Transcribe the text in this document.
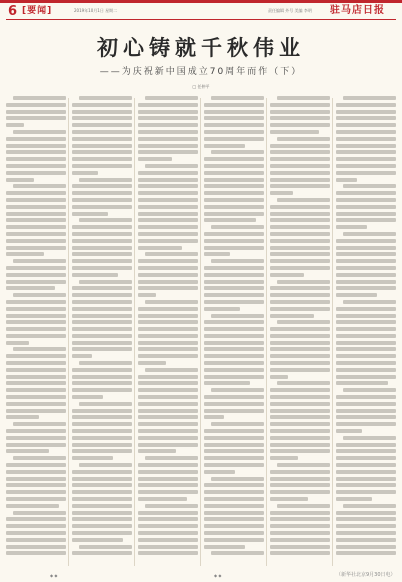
6 [要闻]	2019年10月1日 星期二	责任编辑 外号 美编 李明 驻马店日报
初心铸就千秋伟业
——为庆祝新中国成立70周年而作（下）
□ 任仲平
◆ ◆	◆ ◆	（新华社北京9月30日电）
